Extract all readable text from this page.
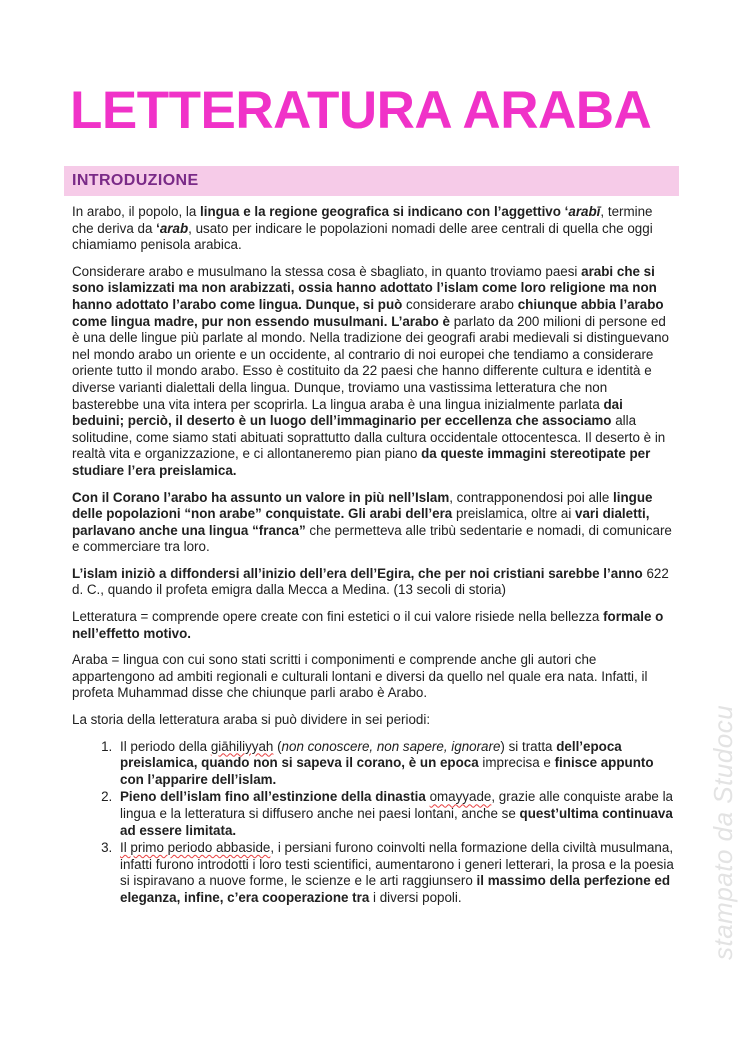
LETTERATURA ARABA
INTRODUZIONE

In arabo, il popolo, la lingua e la regione geografica si indicano con l’aggettivo ‘arabī, termine che deriva da ‘arab, usato per indicare le popolazioni nomadi delle aree centrali di quella che oggi chiamiamo penisola arabica.

Considerare arabo e musulmano la stessa cosa è sbagliato, in quanto troviamo paesi arabi che si sono islamizzati ma non arabizzati, ossia hanno adottato l’islam come loro religione ma non hanno adottato l’arabo come lingua. Dunque, si può considerare arabo chiunque abbia l’arabo come lingua madre, pur non essendo musulmani. L’arabo è parlato da 200 milioni di persone ed è una delle lingue più parlate al mondo. Nella tradizione dei geografi arabi medievali si distinguevano nel mondo arabo un oriente e un occidente, al contrario di noi europei che tendiamo a considerare oriente tutto il mondo arabo. Esso è costituito da 22 paesi che hanno differente cultura e identità e diverse varianti dialettali della lingua. Dunque, troviamo una vastissima letteratura che non basterebbe una vita intera per scoprirla. La lingua araba è una lingua inizialmente parlata dai beduini; perciò, il deserto è un luogo dell’immaginario per eccellenza che associamo alla solitudine, come siamo stati abituati soprattutto dalla cultura occidentale ottocentesca. Il deserto è in realtà vita e organizzazione, e ci allontaneremo pian piano da queste immagini stereotipate per studiare l’era preislamica.

Con il Corano l’arabo ha assunto un valore in più nell’Islam, contrapponendosi poi alle lingue delle popolazioni “non arabe” conquistate. Gli arabi dell’era preislamica, oltre ai vari dialetti, parlavano anche una lingua “franca” che permetteva alle tribù sedentarie e nomadi, di comunicare e commerciare tra loro.

L’islam iniziò a diffondersi all’inizio dell’era dell’Egira, che per noi cristiani sarebbe l’anno 622 d. C., quando il profeta emigra dalla Mecca a Medina. (13 secoli di storia)

Letteratura = comprende opere create con fini estetici o il cui valore risiede nella bellezza formale o nell’effetto motivo.

Araba = lingua con cui sono stati scritti i componimenti e comprende anche gli autori che appartengono ad ambiti regionali e culturali lontani e diversi da quello nel quale era nata. Infatti, il profeta Muhammad disse che chiunque parli arabo è Arabo.

La storia della letteratura araba si può dividere in sei periodi:

1. Il periodo della giāhiliyyah (non conoscere, non sapere, ignorare) si tratta dell’epoca preislamica, quando non si sapeva il corano, è un epoca imprecisa e finisce appunto con l’apparire dell’islam.
2. Pieno dell’islam fino all’estinzione della dinastia omayyade, grazie alle conquiste arabe la lingua e la letteratura si diffusero anche nei paesi lontani, anche se quest’ultima continuava ad essere limitata.
3. Il primo periodo abbaside, i persiani furono coinvolti nella formazione della civiltà musulmana, infatti furono introdotti i loro testi scientifici, aumentarono i generi letterari, la prosa e la poesia si ispiravano a nuove forme, le scienze e le arti raggiunsero il massimo della perfezione ed eleganza, infine, c’era cooperazione tra i diversi popoli.	stampato da Studocu
